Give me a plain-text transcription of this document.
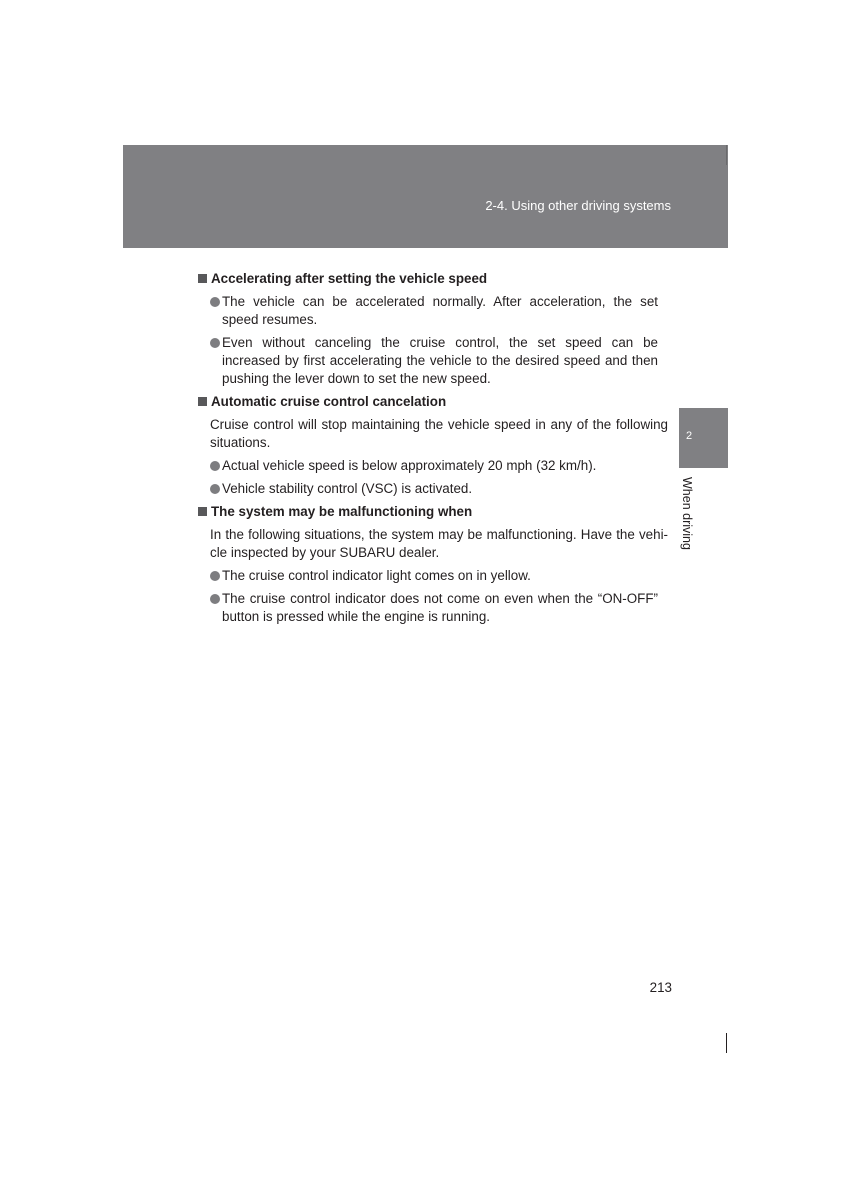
2-4. Using other driving systems
2
When driving
Accelerating after setting the vehicle speed
The vehicle can be accelerated normally. After acceleration, the set speed resumes.
Even without canceling the cruise control, the set speed can be increased by first accelerating the vehicle to the desired speed and then pushing the lever down to set the new speed.
Automatic cruise control cancelation
Cruise control will stop maintaining the vehicle speed in any of the following situations.
Actual vehicle speed is below approximately 20 mph (32 km/h).
Vehicle stability control (VSC) is activated.
The system may be malfunctioning when
In the following situations, the system may be malfunctioning. Have the vehi-cle inspected by your SUBARU dealer.
The cruise control indicator light comes on in yellow.
The cruise control indicator does not come on even when the “ON-OFF” button is pressed while the engine is running.
213
